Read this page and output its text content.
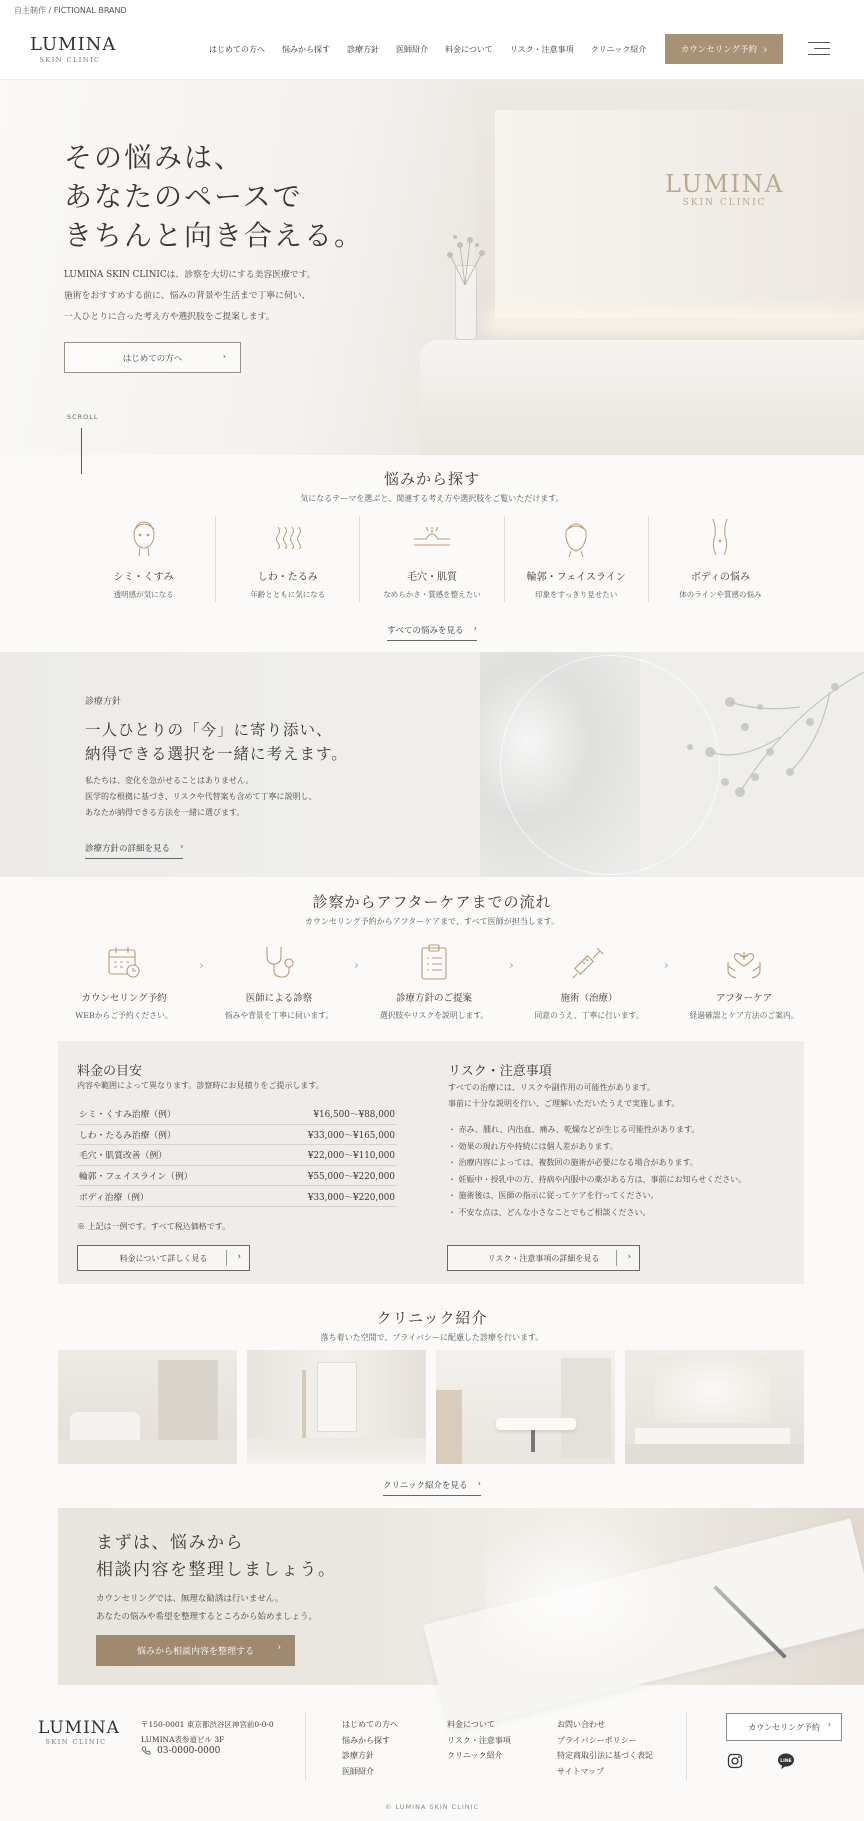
自主制作 / FICTIONAL BRAND
LUMINA
SKIN CLINIC
はじめての方へ 悩みから探す 診療方針 医師紹介 料金について リスク・注意事項 クリニック紹介	カウンセリング予約 ›
LUMINA
SKIN CLINIC
その悩みは、
あなたのペースで
きちんと向き合える。
LUMINA SKIN CLINICは、診察を大切にする美容医療です。
施術をおすすめする前に、悩みの背景や生活まで丁寧に伺い、
一人ひとりに合った考え方や選択肢をご提案します。
はじめての方へ	›
SCROLL
悩みから探す
気になるテーマを選ぶと、関連する考え方や選択肢をご覧いただけます。
シミ・くすみ
透明感が気になる
しわ・たるみ
年齢とともに気になる
毛穴・肌質
なめらかさ・質感を整えたい
輪郭・フェイスライン
印象をすっきり見せたい
ボディの悩み
体のラインや質感の悩み
すべての悩みを見る ›
診療方針
一人ひとりの「今」に寄り添い、
納得できる選択を一緒に考えます。
私たちは、変化を急がせることはありません。
医学的な根拠に基づき、リスクや代替案も含めて丁寧に説明し、
あなたが納得できる方法を一緒に選びます。
診療方針の詳細を見る ›
診察からアフターケアまでの流れ
カウンセリング予約からアフターケアまで、すべて医師が担当します。
カウンセリング予約
WEBからご予約ください。
医師による診察
悩みや背景を丁寧に伺います。
診療方針のご提案
選択肢やリスクを説明します。
施術（治療）
同意のうえ、丁寧に行います。
アフターケア
経過確認とケア方法のご案内。
›	›	›	›
料金の目安
内容や範囲によって異なります。診察時にお見積りをご提示します。
シミ・くすみ治療（例）	¥16,500〜¥88,000
しわ・たるみ治療（例）	¥33,000〜¥165,000
毛穴・肌質改善（例）	¥22,000〜¥110,000
輪郭・フェイスライン（例）	¥55,000〜¥220,000
ボディ治療（例）	¥33,000〜¥220,000
※ 上記は一例です。すべて税込価格です。
料金について詳しく見る	›
リスク・注意事項
すべての治療には、リスクや副作用の可能性があります。
事前に十分な説明を行い、ご理解いただいたうえで実施します。
・ 赤み、腫れ、内出血、痛み、乾燥などが生じる可能性があります。
・ 効果の現れ方や持続には個人差があります。
・ 治療内容によっては、複数回の施術が必要になる場合があります。
・ 妊娠中・授乳中の方、持病や内服中の薬がある方は、事前にお知らせください。
・ 施術後は、医師の指示に従ってケアを行ってください。
・ 不安な点は、どんな小さなことでもご相談ください。
リスク・注意事項の詳細を見る	›
クリニック紹介
落ち着いた空間で、プライバシーに配慮した診療を行います。
クリニック紹介を見る ›
まずは、悩みから
相談内容を整理しましょう。
カウンセリングでは、無理な勧誘は行いません。
あなたの悩みや希望を整理するところから始めましょう。
悩みから相談内容を整理する	›
LUMINA
SKIN CLINIC
〒150-0001 東京都渋谷区神宮前0-0-0
LUMINA表参道ビル 3F
03-0000-0000
はじめての方へ
悩みから探す
診療方針
医師紹介
料金について
リスク・注意事項
クリニック紹介
お問い合わせ
プライバシーポリシー
特定商取引法に基づく表記
サイトマップ
カウンセリング予約 ›
LINE
© LUMINA SKIN CLINIC
